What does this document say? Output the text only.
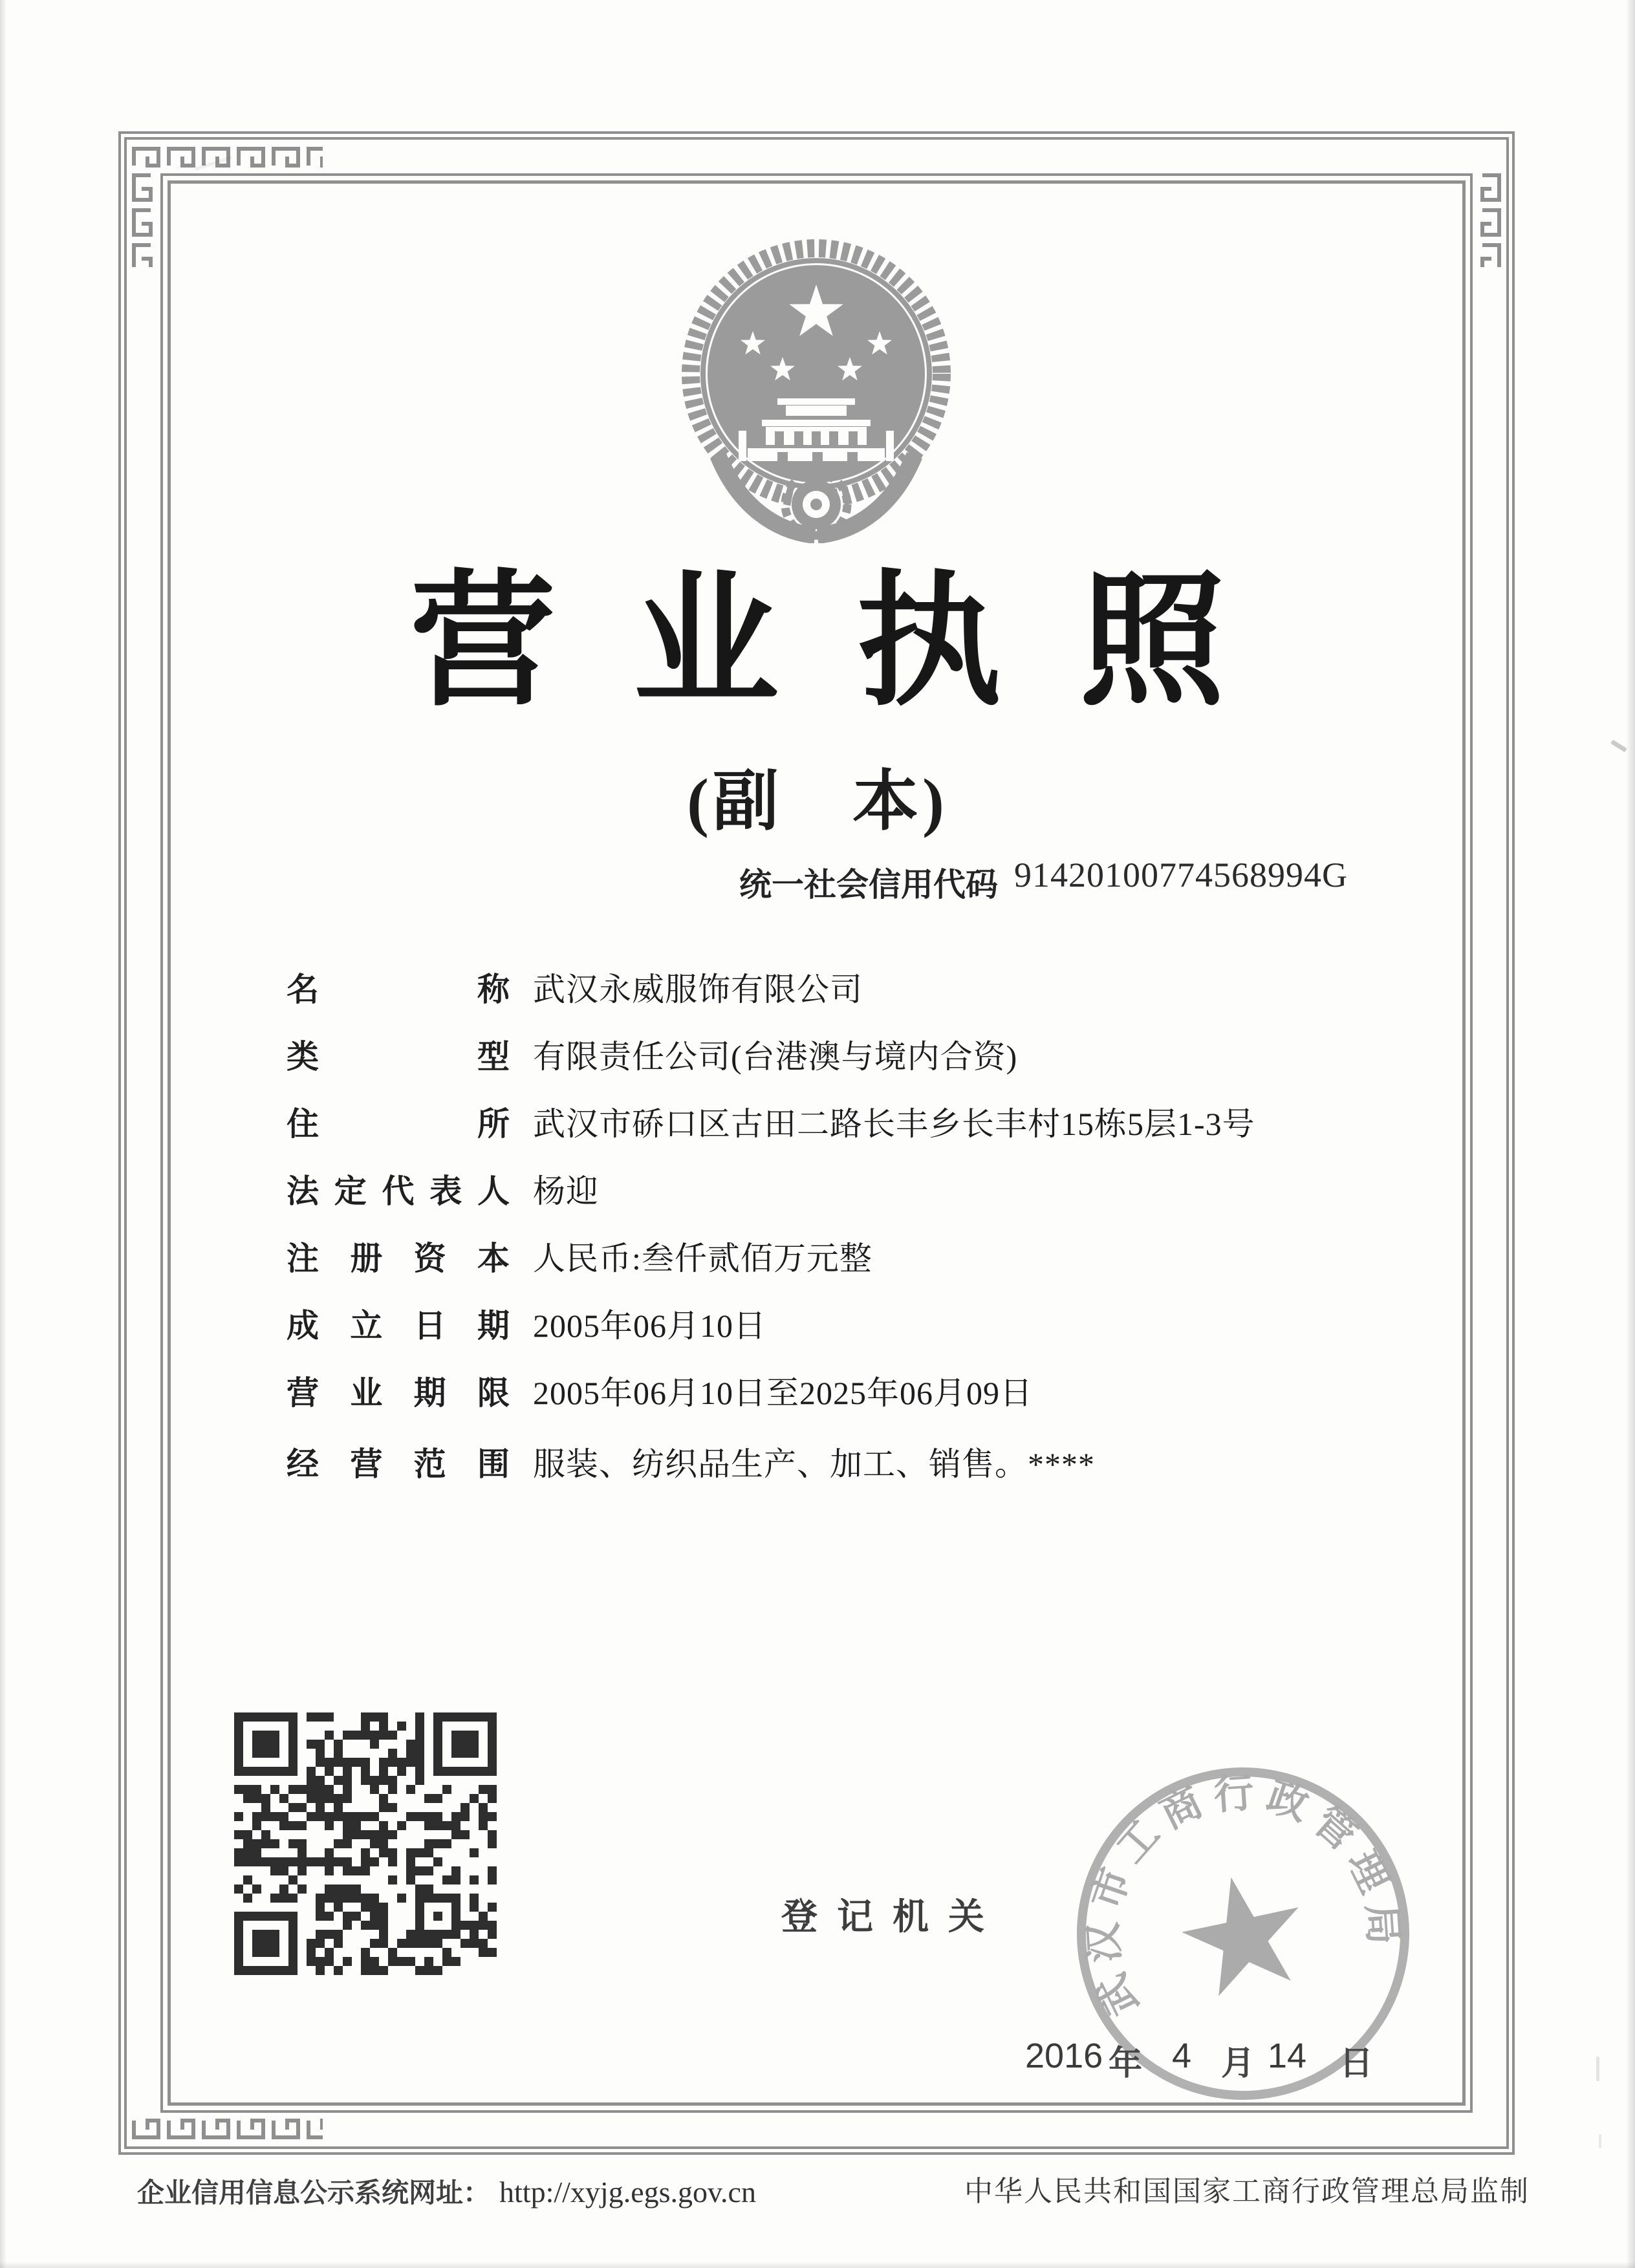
营业执照
(副　本)
统一社会信用代码 91420100774568994G
名称 武汉永威服饰有限公司
类型 有限责任公司(台港澳与境内合资)
住所 武汉市硚口区古田二路长丰乡长丰村15栋5层1-3号
法定代表人 杨迎
注册资本 人民币:叁仟贰佰万元整
成立日期 2005年06月10日
营业期限 2005年06月10日至2025年06月09日
经营范围 服装、纺织品生产、加工、销售。****
登记机关
武汉市工商行政管理局
2016 年 4 月 14 日
企业信用信息公示系统网址： http://xyjg.egs.gov.cn	中华人民共和国国家工商行政管理总局监制
